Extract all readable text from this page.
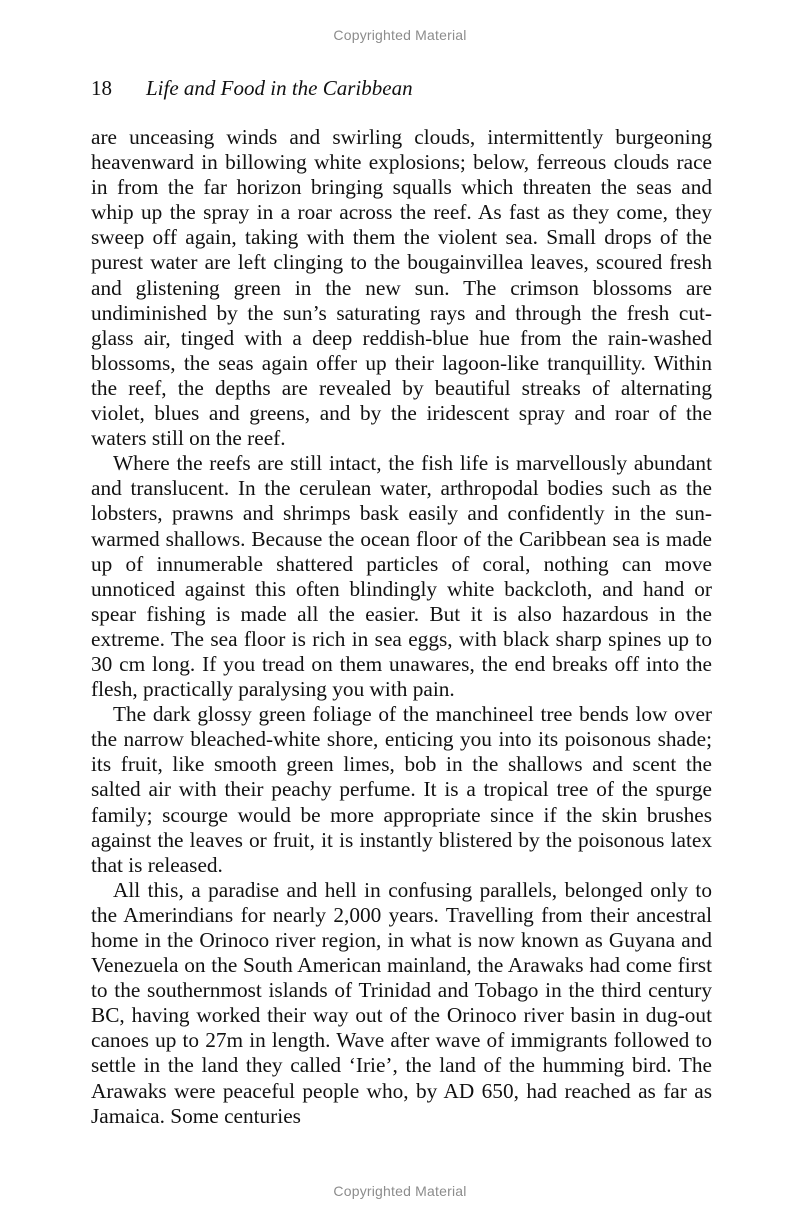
Copyrighted Material
18 Life and Food in the Caribbean

are unceasing winds and swirling clouds, intermittently burgeoning heavenward in billowing white explosions; below, ferreous clouds race in from the far horizon bringing squalls which threaten the seas and whip up the spray in a roar across the reef. As fast as they come, they sweep off again, taking with them the violent sea. Small drops of the purest water are left clinging to the bougainvillea leaves, scoured fresh and glistening green in the new sun. The crimson blossoms are undiminished by the sun’s saturating rays and through the fresh cut-glass air, tinged with a deep reddish-blue hue from the rain-washed blossoms, the seas again offer up their lagoon-like tranquillity. Within the reef, the depths are revealed by beautiful streaks of alternating violet, blues and greens, and by the iridescent spray and roar of the waters still on the reef.

Where the reefs are still intact, the fish life is marvellously abundant and translucent. In the cerulean water, arthropodal bodies such as the lobsters, prawns and shrimps bask easily and confidently in the sun-warmed shallows. Because the ocean floor of the Caribbean sea is made up of innumerable shattered particles of coral, nothing can move unnoticed against this often blindingly white backcloth, and hand or spear fishing is made all the easier. But it is also hazardous in the extreme. The sea floor is rich in sea eggs, with black sharp spines up to 30 cm long. If you tread on them unawares, the end breaks off into the flesh, practically paralysing you with pain.

The dark glossy green foliage of the manchineel tree bends low over the narrow bleached-white shore, enticing you into its poisonous shade; its fruit, like smooth green limes, bob in the shallows and scent the salted air with their peachy perfume. It is a tropical tree of the spurge family; scourge would be more appropriate since if the skin brushes against the leaves or fruit, it is instantly blistered by the poisonous latex that is released.

All this, a paradise and hell in confusing parallels, belonged only to the Amerindians for nearly 2,000 years. Travelling from their ancestral home in the Orinoco river region, in what is now known as Guyana and Venezuela on the South American mainland, the Arawaks had come first to the southernmost islands of Trinidad and Tobago in the third century BC, having worked their way out of the Orinoco river basin in dug-out canoes up to 27m in length. Wave after wave of immigrants followed to settle in the land they called ‘Irie’, the land of the humming bird. The Arawaks were peaceful people who, by AD 650, had reached as far as Jamaica. Some centuries

Copyrighted Material
